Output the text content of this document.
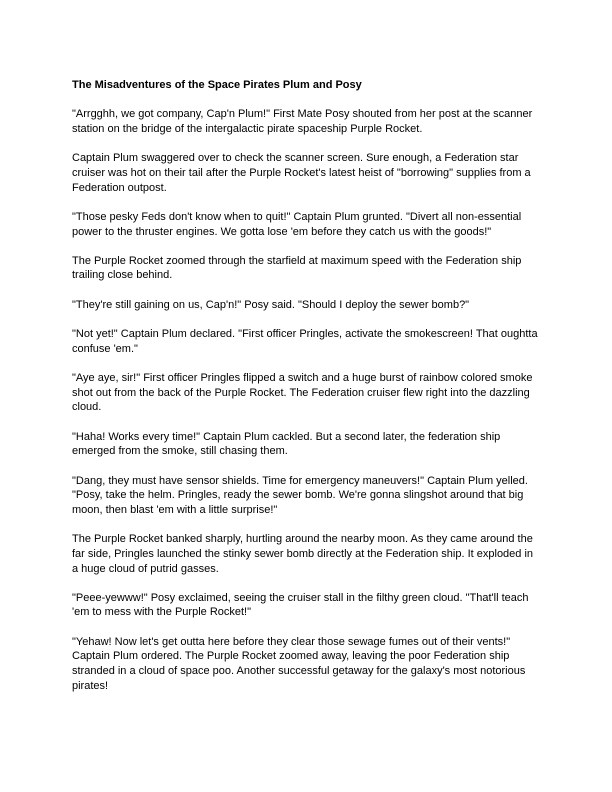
The Misadventures of the Space Pirates Plum and Posy

"Arrgghh, we got company, Cap'n Plum!" First Mate Posy shouted from her post at the scanner
station on the bridge of the intergalactic pirate spaceship Purple Rocket.

Captain Plum swaggered over to check the scanner screen. Sure enough, a Federation star
cruiser was hot on their tail after the Purple Rocket's latest heist of "borrowing" supplies from a
Federation outpost.

"Those pesky Feds don't know when to quit!" Captain Plum grunted. "Divert all non-essential
power to the thruster engines. We gotta lose 'em before they catch us with the goods!"

The Purple Rocket zoomed through the starfield at maximum speed with the Federation ship
trailing close behind.

"They're still gaining on us, Cap'n!" Posy said. "Should I deploy the sewer bomb?"

"Not yet!" Captain Plum declared. "First officer Pringles, activate the smokescreen! That oughtta
confuse 'em."

"Aye aye, sir!" First officer Pringles flipped a switch and a huge burst of rainbow colored smoke
shot out from the back of the Purple Rocket. The Federation cruiser flew right into the dazzling
cloud.

"Haha! Works every time!" Captain Plum cackled. But a second later, the federation ship
emerged from the smoke, still chasing them.

"Dang, they must have sensor shields. Time for emergency maneuvers!" Captain Plum yelled.
"Posy, take the helm. Pringles, ready the sewer bomb. We're gonna slingshot around that big
moon, then blast 'em with a little surprise!"

The Purple Rocket banked sharply, hurtling around the nearby moon. As they came around the
far side, Pringles launched the stinky sewer bomb directly at the Federation ship. It exploded in
a huge cloud of putrid gasses.

"Peee-yewww!" Posy exclaimed, seeing the cruiser stall in the filthy green cloud. "That'll teach
'em to mess with the Purple Rocket!"

"Yehaw! Now let's get outta here before they clear those sewage fumes out of their vents!"
Captain Plum ordered. The Purple Rocket zoomed away, leaving the poor Federation ship
stranded in a cloud of space poo. Another successful getaway for the galaxy's most notorious
pirates!
